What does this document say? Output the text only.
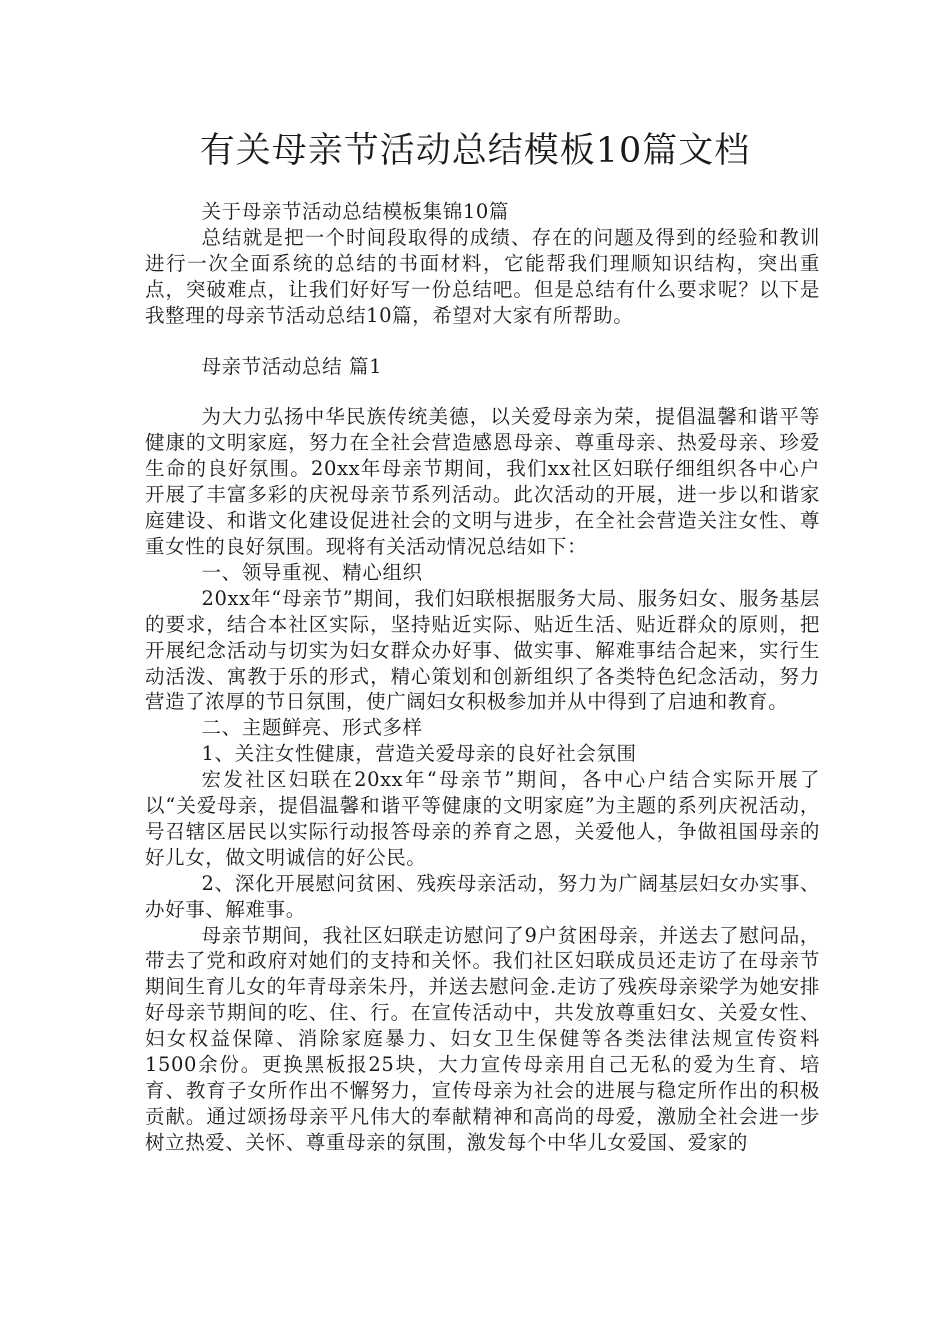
有关母亲节活动总结模板10篇文档

关于母亲节活动总结模板集锦10篇

总结就是把一个时间段取得的成绩、存在的问题及得到的经验和教训进行一次全面系统的总结的书面材料，它能帮我们理顺知识结构，突出重点，突破难点，让我们好好写一份总结吧。但是总结有什么要求呢？以下是我整理的母亲节活动总结10篇，希望对大家有所帮助。

母亲节活动总结 篇1

为大力弘扬中华民族传统美德，以关爱母亲为荣，提倡温馨和谐平等健康的文明家庭，努力在全社会营造感恩母亲、尊重母亲、热爱母亲、珍爱生命的良好氛围。20xx年母亲节期间，我们xx社区妇联仔细组织各中心户开展了丰富多彩的庆祝母亲节系列活动。此次活动的开展，进一步以和谐家庭建设、和谐文化建设促进社会的文明与进步，在全社会营造关注女性、尊重女性的良好氛围。现将有关活动情况总结如下：

一、领导重视、精心组织

20xx年“母亲节”期间，我们妇联根据服务大局、服务妇女、服务基层的要求，结合本社区实际，坚持贴近实际、贴近生活、贴近群众的原则，把开展纪念活动与切实为妇女群众办好事、做实事、解难事结合起来，实行生动活泼、寓教于乐的形式，精心策划和创新组织了各类特色纪念活动，努力营造了浓厚的节日氛围，使广阔妇女积极参加并从中得到了启迪和教育。

二、主题鲜亮、形式多样

1、关注女性健康，营造关爱母亲的良好社会氛围

宏发社区妇联在20xx年“母亲节”期间，各中心户结合实际开展了以“关爱母亲，提倡温馨和谐平等健康的文明家庭”为主题的系列庆祝活动，号召辖区居民以实际行动报答母亲的养育之恩，关爱他人，争做祖国母亲的好儿女，做文明诚信的好公民。

2、深化开展慰问贫困、残疾母亲活动，努力为广阔基层妇女办实事、办好事、解难事。

母亲节期间，我社区妇联走访慰问了9户贫困母亲，并送去了慰问品，带去了党和政府对她们的支持和关怀。我们社区妇联成员还走访了在母亲节期间生育儿女的年青母亲朱丹，并送去慰问金.走访了残疾母亲梁学为她安排好母亲节期间的吃、住、行。在宣传活动中，共发放尊重妇女、关爱女性、妇女权益保障、消除家庭暴力、妇女卫生保健等各类法律法规宣传资料1500余份。更换黑板报25块，大力宣传母亲用自己无私的爱为生育、培育、教育子女所作出不懈努力，宣传母亲为社会的进展与稳定所作出的积极贡献。通过颂扬母亲平凡伟大的奉献精神和高尚的母爱，激励全社会进一步树立热爱、关怀、尊重母亲的氛围，激发每个中华儿女爱国、爱家的
